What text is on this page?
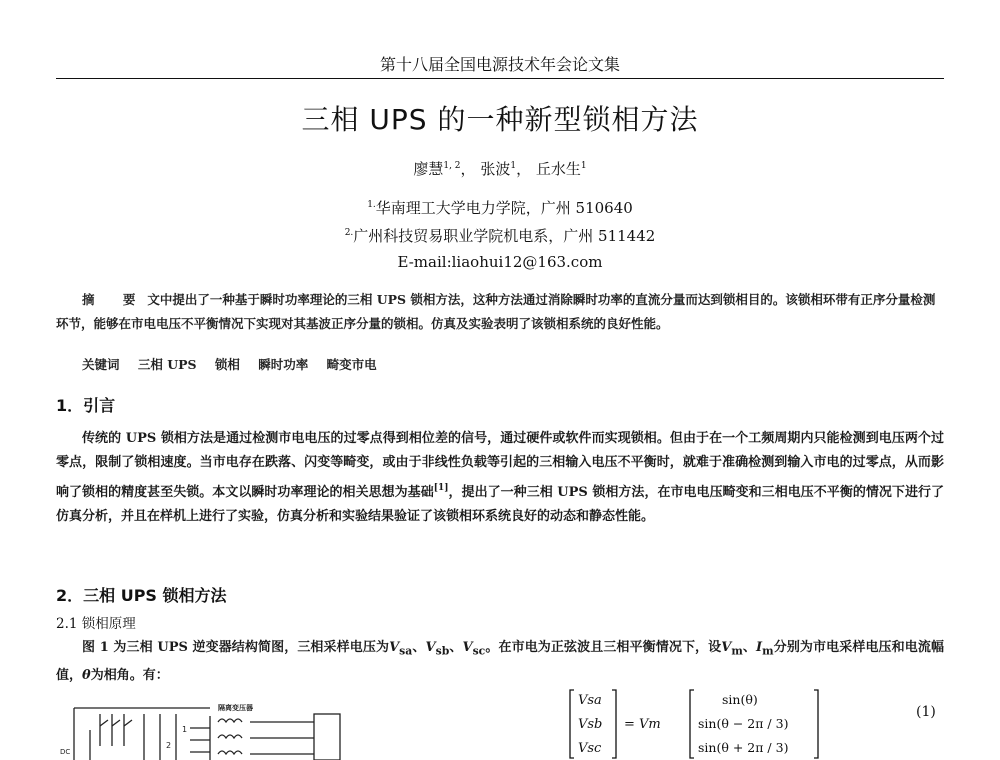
第十八届全国电源技术年会论文集
三相 UPS 的一种新型锁相方法
廖慧$^{1, 2}$， 张波$^1$， 丘水生$^1$
$^{1.}$华南理工大学电力学院，广州 510640
$^{2.}$广州科技贸易职业学院机电系，广州 511442
E-mail:liaohui12@163.com
摘 要文中提出了一种基于瞬时功率理论的三相 UPS 锁相方法，这种方法通过消除瞬时功率的直流分量而达到锁相目的。该锁相环带有正序分量检测环节，能够在市电电压不平衡情况下实现对其基波正序分量的锁相。仿真及实验表明了该锁相系统的良好性能。
关键词 三相 UPS 锁相 瞬时功率 畸变市电
1．引言
传统的 UPS 锁相方法是通过检测市电电压的过零点得到相位差的信号，通过硬件或软件而实现锁相。但由于在一个工频周期内只能检测到电压两个过零点，限制了锁相速度。当市电存在跌落、闪变等畸变，或由于非线性负载等引起的三相输入电压不平衡时，就难于准确检测到输入市电的过零点，从而影响了锁相的精度甚至失锁。本文以瞬时功率理论的相关思想为基础[1]，提出了一种三相 UPS 锁相方法，在市电电压畸变和三相电压不平衡的情况下进行了仿真分析，并且在样机上进行了实验，仿真分析和实验结果验证了该锁相环系统良好的动态和静态性能。
2．三相 UPS 锁相方法
2.1 锁相原理
图 1 为三相 UPS 逆变器结构简图，三相采样电压为$V_{sa}$、$V_{sb}$、$V_{sc}$。在市电为正弦波且三相平衡情况下，设$V_m$、$I_m$分别为市电采样电压和电流幅值，θ为相角。有：
DC
隔离变压器
1
2
Vsa
Vsb
Vsc
= Vm
sin(θ)
sin(θ − 2π / 3)
sin(θ + 2π / 3)
(1)
